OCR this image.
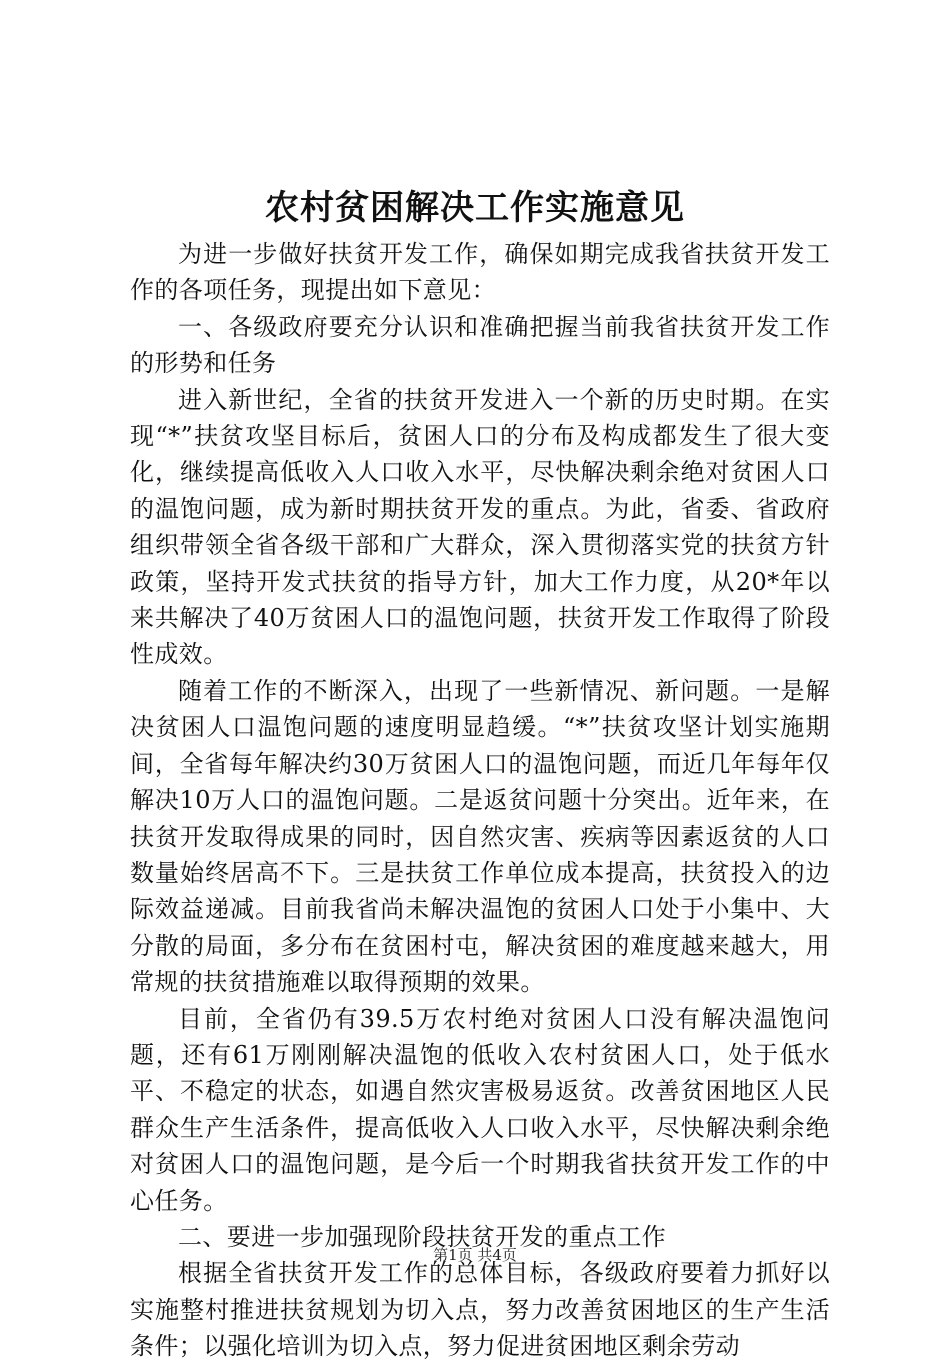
农村贫困解决工作实施意见

为进一步做好扶贫开发工作，确保如期完成我省扶贫开发工作的各项任务，现提出如下意见：

一、各级政府要充分认识和准确把握当前我省扶贫开发工作的形势和任务

进入新世纪，全省的扶贫开发进入一个新的历史时期。在实现“*”扶贫攻坚目标后，贫困人口的分布及构成都发生了很大变化，继续提高低收入人口收入水平，尽快解决剩余绝对贫困人口的温饱问题，成为新时期扶贫开发的重点。为此，省委、省政府组织带领全省各级干部和广大群众，深入贯彻落实党的扶贫方针政策，坚持开发式扶贫的指导方针，加大工作力度，从20*年以来共解决了40万贫困人口的温饱问题，扶贫开发工作取得了阶段性成效。

随着工作的不断深入，出现了一些新情况、新问题。一是解决贫困人口温饱问题的速度明显趋缓。“*”扶贫攻坚计划实施期间，全省每年解决约30万贫困人口的温饱问题，而近几年每年仅解决10万人口的温饱问题。二是返贫问题十分突出。近年来，在扶贫开发取得成果的同时，因自然灾害、疾病等因素返贫的人口数量始终居高不下。三是扶贫工作单位成本提高，扶贫投入的边际效益递减。目前我省尚未解决温饱的贫困人口处于小集中、大分散的局面，多分布在贫困村屯，解决贫困的难度越来越大，用常规的扶贫措施难以取得预期的效果。

目前，全省仍有39.5万农村绝对贫困人口没有解决温饱问题，还有61万刚刚解决温饱的低收入农村贫困人口，处于低水平、不稳定的状态，如遇自然灾害极易返贫。改善贫困地区人民群众生产生活条件，提高低收入人口收入水平，尽快解决剩余绝对贫困人口的温饱问题，是今后一个时期我省扶贫开发工作的中心任务。

二、要进一步加强现阶段扶贫开发的重点工作

根据全省扶贫开发工作的总体目标，各级政府要着力抓好以实施整村推进扶贫规划为切入点，努力改善贫困地区的生产生活条件；以强化培训为切入点，努力促进贫困地区剩余劳动

第1页 共4页
